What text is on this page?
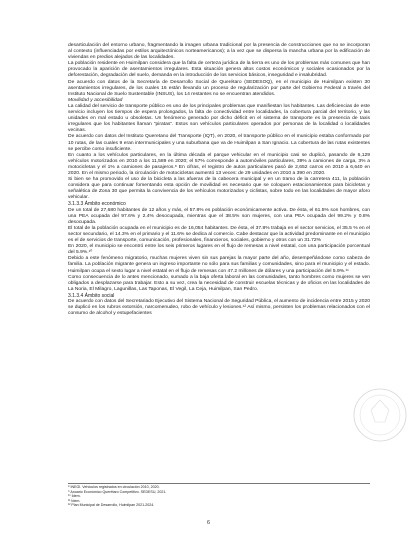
desarticulación del entorno urbano, fragmentando la imagen urbana tradicional por la presencia de construcciones que no se incorporan al contexto (influenciadas por estilos arquitectónicos norteamericanos); a la vez que se dispersa la mancha urbana por la edificación de viviendas en predios alejados de las localidades.

La población residente en Huimilpan considera que la falta de certeza jurídica de la tierra es uno de los problemas más comunes que han provocado la aparición de asentamientos irregulares. Esta situación genera altos costos económicos y sociales ocasionados por la deforestación, degradación del suelo, demanda en la introducción de los servicios básicos, inseguridad e insalubridad.

De acuerdo con datos de la Secretaría de Desarrollo Social de Querétaro (SEDESOQ), en el municipio de Huimilpan existen 30 asentamientos irregulares, de los cuales 16 están llevando un proceso de regularización por parte del Gobierno Federal a través del Instituto Nacional de Suelo Sustentable (INSUS), los 14 restantes no se encuentran atendidos.

Movilidad y accesibilidad

La calidad del servicio de transporte público es uno de los principales problemas que manifiestan los habitantes. Las deficiencias de este servicio incluyen los tiempos de espera prolongados, la falta de conectividad entre localidades, la cobertura parcial del territorio, y las unidades en mal estado u obsoletas. Un fenómeno generado por dicho déficit en el sistema de transporte es la presencia de taxis irregulares que los habitantes llaman “piratas”. Estos son vehículos particulares operados por personas de la localidad o localidades vecinas.

De acuerdo con datos del Instituto Queretano del Transporte (IQT), en 2020, el transporte público en el municipio estaba conformado por 10 rutas, de las cuales 9 eran intermunicipales y una suburbana que va de Huimilpan a San Ignacio. La cobertura de las rutas existentes se percibe como insuficiente.

En cuanto a los vehículos particulares, en la última década el parque vehicular en el municipio casi se duplicó, pasando de 6,129 vehículos motorizados en 2010 a los 11,589 en 2020; el 57% corresponde a automóviles particulares, 39% a camiones de carga, 3% a motocicletas y el 1% a camiones de pasajeros.⁸ En cifras, el registro de autos particulares pasó de 2,652 carros en 2010 a 6,640 en 2020. En el mismo periodo, la circulación de motocicletas aumentó 13 veces: de 29 unidades en 2010 a 390 en 2020.

Si bien se ha promovido el uso de la bicicleta a las afueras de la cabecera municipal y en un tramo de la carretera 411, la población considera que para continuar fomentando esta opción de movilidad es necesario que se coloquen estacionamientos para bicicletas y señalética de Zona 30 que permita la convivencia de los vehículos motorizados y ciclistas, sobre todo en las localidades de mayor aforo vehicular.

3.1.3.3 Ámbito económico

De un total de 27,680 habitantes de 12 años y más, el 57.8% es población económicamente activa. De ésta, el 61.5% son hombres, con una PEA ocupada del 97.6% y 2.4% desocupada, mientras que el 38.5% son mujeres, con una PEA ocupada del 99.2% y 0.8% desocupada.

El total de la población ocupada en el municipio es de 16,054 habitantes. De ésta, el 37.8% trabaja en el sector servicios, el 35.5 % en el sector secundario, el 14.3% en el primario y el 11.6% se dedica al comercio. Cabe destacar que la actividad predominante en el municipio es el de servicios de transporte, comunicación, profesionales, financieros, sociales, gobierno y otros con un 31.72%

En 2020, el municipio se encontró entre los seis primeros lugares en el flujo de remesas a nivel estatal, con una participación porcentual del 5.9%.¹⁰

Debido a este fenómeno migratorio, muchas mujeres viven sin sus parejas la mayor parte del año, desempeñándose como cabeza de familia. La población migrante genera un ingreso importante no sólo para sus familias y comunidades, sino para el municipio y el estado. Huimilpan ocupa el sexto lugar a nivel estatal en el flujo de remesas con 47.2 millones de dólares y una participación del 5.9%.¹¹

Como consecuencia de lo antes mencionado, sumado a la baja oferta laboral en las comunidades, tanto hombres como mujeres se ven obligados a desplazarse para trabajar. Esto a su vez, crea la necesidad de construir escuelas técnicas y de oficios en las localidades de La Noria, El Milagro, Lagunillas, Las Taponas, El Vegil, La Ceja, Huimilpan, San Pedro.

3.1.3.4 Ámbito social

De acuerdo con datos del Secretariado Ejecutivo del Sistema Nacional de Seguridad Pública, el aumento de incidencia entre 2015 y 2020 se duplicó en los rubros extorsión, narcomenudeo, robo de vehículo y lesiones.¹² Así mismo, persisten los problemas relacionados con el consumo de alcohol y estupefacientes

⁸ INEGI. Vehículos registrados en circulación 2010, 2020.

⁹ Anuario Económico Querétaro Competitivo. SEDESU, 2021.

¹⁰ Ídem.

¹¹ Ídem.

¹² Plan Municipal de Desarrollo, Huimilpan 2021-2024.

6
